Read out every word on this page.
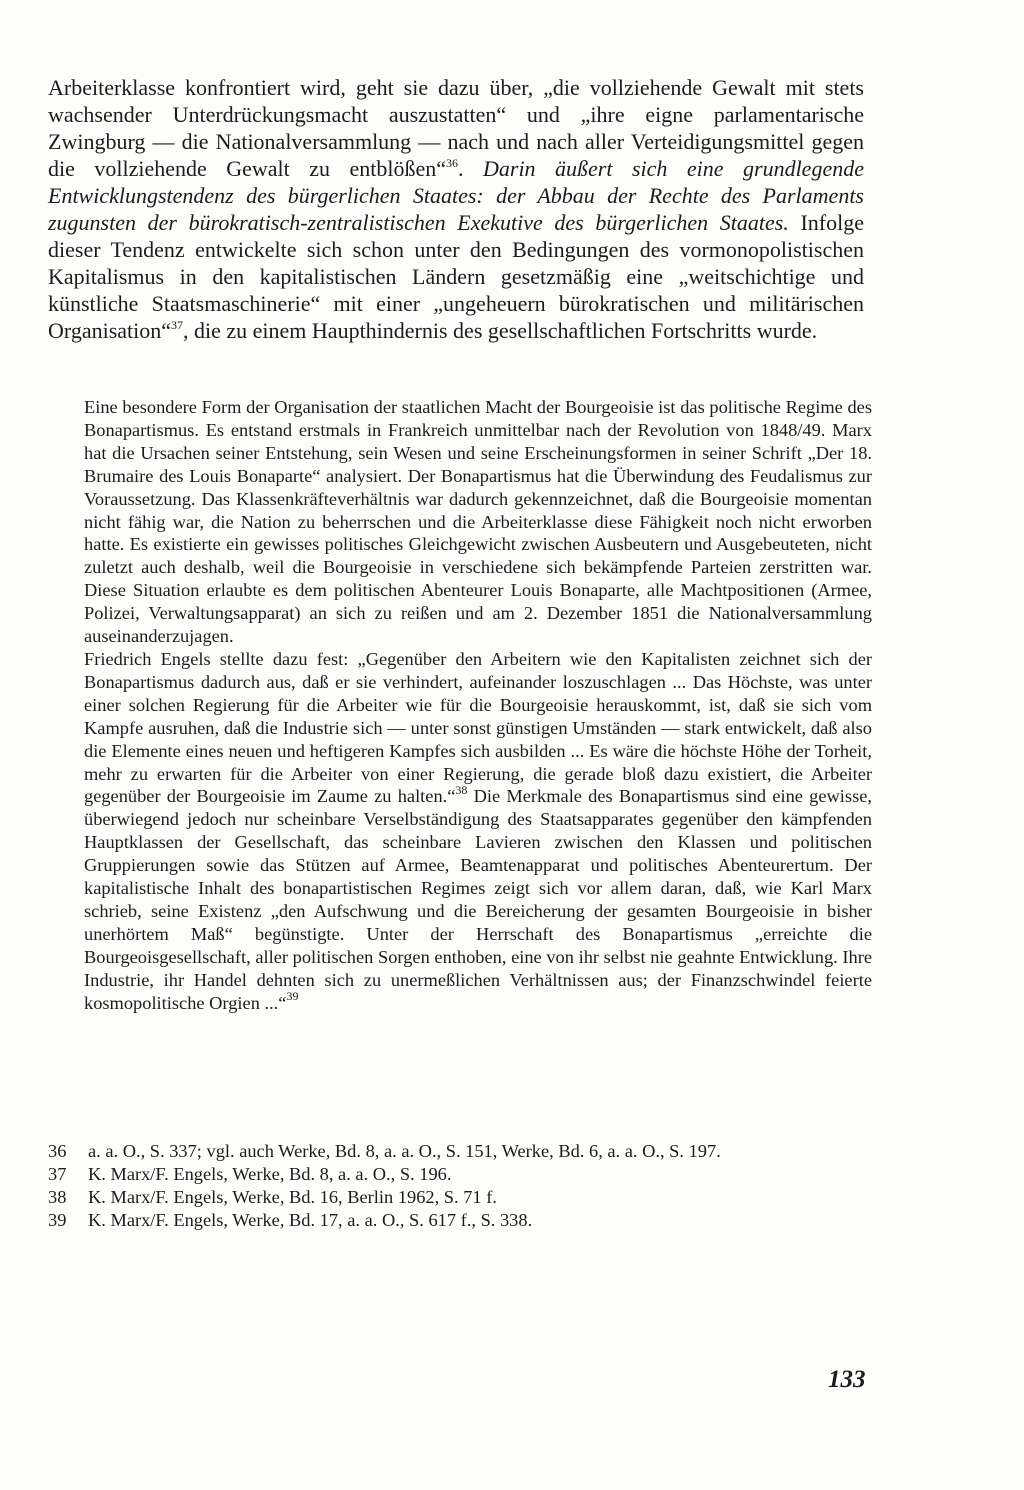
Arbeiterklasse konfrontiert wird, geht sie dazu über, „die vollziehende Gewalt mit stets wachsender Unterdrückungsmacht auszustatten“ und „ihre eigne parlamentarische Zwingburg — die Nationalversammlung — nach und nach aller Verteidigungsmittel gegen die vollziehende Gewalt zu entblößen“$^{36}$. Darin äußert sich eine grundlegende Entwicklungstendenz des bürgerlichen Staates: der Abbau der Rechte des Parlaments zugunsten der bürokratisch-zentralistischen Exekutive des bürgerlichen Staates. Infolge dieser Tendenz entwickelte sich schon unter den Bedingungen des vormonopolistischen Kapitalismus in den kapitalistischen Ländern gesetzmäßig eine „weitschichtige und künstliche Staatsmaschinerie“ mit einer „ungeheuern bürokratischen und militärischen Organisation“$^{37}$, die zu einem Haupthindernis des gesellschaftlichen Fortschritts wurde.

Eine besondere Form der Organisation der staatlichen Macht der Bourgeoisie ist das politische Regime des Bonapartismus. Es entstand erstmals in Frankreich unmittelbar nach der Revolution von 1848/49. Marx hat die Ursachen seiner Entstehung, sein Wesen und seine Erscheinungsformen in seiner Schrift „Der 18. Brumaire des Louis Bonaparte“ analysiert. Der Bonapartismus hat die Überwindung des Feudalismus zur Voraussetzung. Das Klassenkräfteverhältnis war dadurch gekennzeichnet, daß die Bourgeoisie momentan nicht fähig war, die Nation zu beherrschen und die Arbeiterklasse diese Fähigkeit noch nicht erworben hatte. Es existierte ein gewisses politisches Gleichgewicht zwischen Ausbeutern und Ausgebeuteten, nicht zuletzt auch deshalb, weil die Bourgeoisie in verschiedene sich bekämpfende Parteien zerstritten war. Diese Situation erlaubte es dem politischen Abenteurer Louis Bonaparte, alle Machtpositionen (Armee, Polizei, Verwaltungsapparat) an sich zu reißen und am 2. Dezember 1851 die Nationalversammlung auseinanderzujagen.

Friedrich Engels stellte dazu fest: „Gegenüber den Arbeitern wie den Kapitalisten zeichnet sich der Bonapartismus dadurch aus, daß er sie verhindert, aufeinander loszuschlagen ... Das Höchste, was unter einer solchen Regierung für die Arbeiter wie für die Bourgeoisie herauskommt, ist, daß sie sich vom Kampfe ausruhen, daß die Industrie sich — unter sonst günstigen Umständen — stark entwickelt, daß also die Elemente eines neuen und heftigeren Kampfes sich ausbilden ... Es wäre die höchste Höhe der Torheit, mehr zu erwarten für die Arbeiter von einer Regierung, die gerade bloß dazu existiert, die Arbeiter gegenüber der Bourgeoisie im Zaume zu halten.“$^{38}$ Die Merkmale des Bonapartismus sind eine gewisse, überwiegend jedoch nur scheinbare Verselbständigung des Staatsapparates gegenüber den kämpfenden Hauptklassen der Gesellschaft, das scheinbare Lavieren zwischen den Klassen und politischen Gruppierungen sowie das Stützen auf Armee, Beamtenapparat und politisches Abenteurertum. Der kapitalistische Inhalt des bonapartistischen Regimes zeigt sich vor allem daran, daß, wie Karl Marx schrieb, seine Existenz „den Aufschwung und die Bereicherung der gesamten Bourgeoisie in bisher unerhörtem Maß“ begünstigte. Unter der Herrschaft des Bonapartismus „erreichte die Bourgeoisgesellschaft, aller politischen Sorgen enthoben, eine von ihr selbst nie geahnte Entwicklung. Ihre Industrie, ihr Handel dehnten sich zu unermeßlichen Verhältnissen aus; der Finanzschwindel feierte kosmopolitische Orgien ...“$^{39}$

36	a. a. O., S. 337; vgl. auch Werke, Bd. 8, a. a. O., S. 151, Werke, Bd. 6, a. a. O., S. 197.
37	K. Marx/F. Engels, Werke, Bd. 8, a. a. O., S. 196.
38	K. Marx/F. Engels, Werke, Bd. 16, Berlin 1962, S. 71 f.
39	K. Marx/F. Engels, Werke, Bd. 17, a. a. O., S. 617 f., S. 338.
133
